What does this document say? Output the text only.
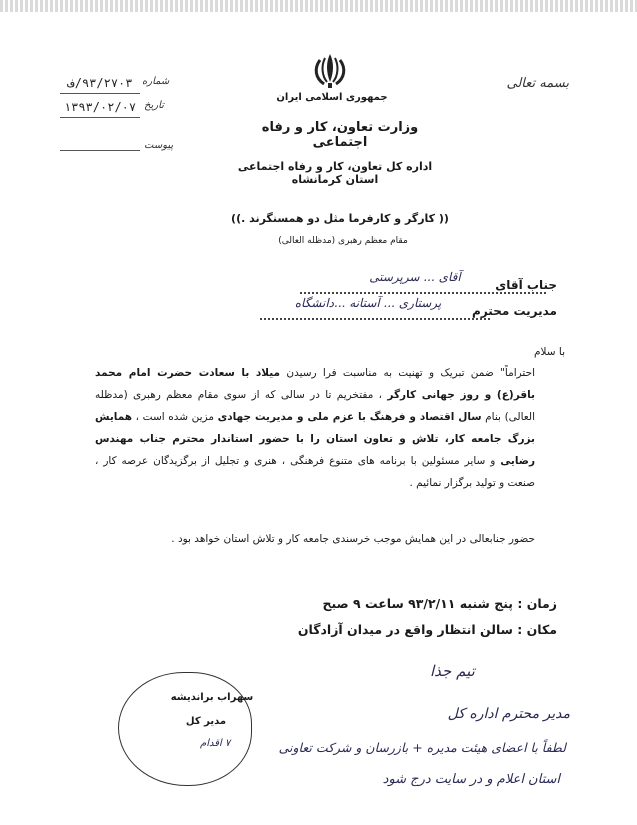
بسمه تعالی
جمهوری اسلامی ایران
وزارت تعاون، کار و رفاه اجتماعی
اداره کل تعاون، کار و رفاه اجتماعی استان کرمانشاه
شماره
۹۳/۲۷۰۳/ف
تاریخ
۱۳۹۳/۰۲/۰۷
پیوست
(( کارگر و کارفرما مثل دو همسنگرند .))
مقام معظم رهبری (مدظله العالی)
جناب آقای
آقای ... سرپرستی
مدیریت محترم
پرستاری ... آستانه ...دانشگاه
با سلام
احتراماً" ضمن تبریک و تهنیت به مناسبت فرا رسیدن میلاد با سعادت حضرت امام محمد باقر(ع) و روز جهانی کارگر ، مفتخریم تا در سالی که از سوی مقام معظم رهبری (مدظله العالی) بنام سال اقتصاد و فرهنگ با عزم ملی و مدیریت جهادی مزین شده است ، همایش بزرگ جامعه کار، تلاش و تعاون استان را با حضور استاندار محترم جناب مهندس رضایی و سایر مسئولین با برنامه های متنوع فرهنگی ، هنری و تجلیل از برگزیدگان عرصه کار ، صنعت و تولید برگزار نمائیم .
حضور جنابعالی در این همایش موجب خرسندی جامعه کار و تلاش استان خواهد بود .
زمان : پنج شنبه ۹۳/۲/۱۱ ساعت ۹ صبح
مکان : سالن انتظار واقع در میدان آزادگان
سهراب براندیشه
مدیر کل
۷ اقدام
تیم جذا
مدیر محترم اداره کل
لطفاً با اعضای هیئت مدیره + بازرسان و شرکت تعاونی
استان اعلام و در سایت درج شود
